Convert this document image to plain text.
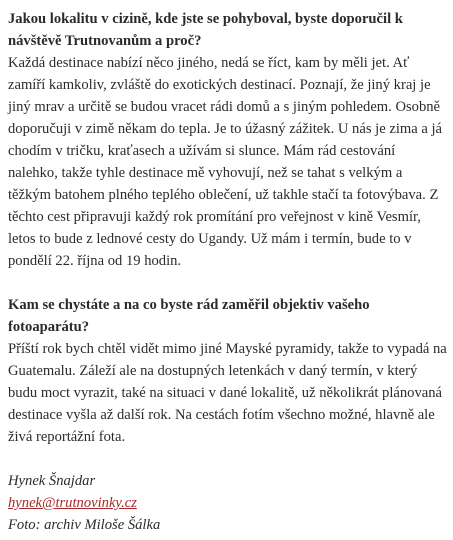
Jakou lokalitu v cizině, kde jste se pohyboval, byste doporučil k návštěvě Trutnovanům a proč?
Každá destinace nabízí něco jiného, nedá se říct, kam by měli jet. Ať zamíří kamkoliv, zvláště do exotických destinací. Poznají, že jiný kraj je jiný mrav a určitě se budou vracet rádi domů a s jiným pohledem. Osobně doporučuji v zimě někam do tepla. Je to úžasný zážitek. U nás je zima a já chodím v tričku, kraťasech a užívám si slunce. Mám rád cestování nalehko, takže tyhle destinace mě vyhovují, než se tahat s velkým a těžkým batohem plného teplého oblečení, už takhle stačí ta fotovýbava. Z těchto cest připravuji každý rok promítání pro veřejnost v kině Vesmír, letos to bude z lednové cesty do Ugandy. Už mám i termín, bude to v pondělí 22. října od 19 hodin.
Kam se chystáte a na co byste rád zaměřil objektiv vašeho fotoaparátu?
Příští rok bych chtěl vidět mimo jiné Mayské pyramidy, takže to vypadá na Guatemalu. Záleží ale na dostupných letenkách v daný termín, v který budu moct vyrazit, také na situaci v dané lokalitě, už několikrát plánovaná destinace vyšla až další rok. Na cestách fotím všechno možné, hlavně ale živá reportážní fota.
Hynek Šnajdar
hynek@trutnovinky.cz
Foto: archiv Miloše Šálka
